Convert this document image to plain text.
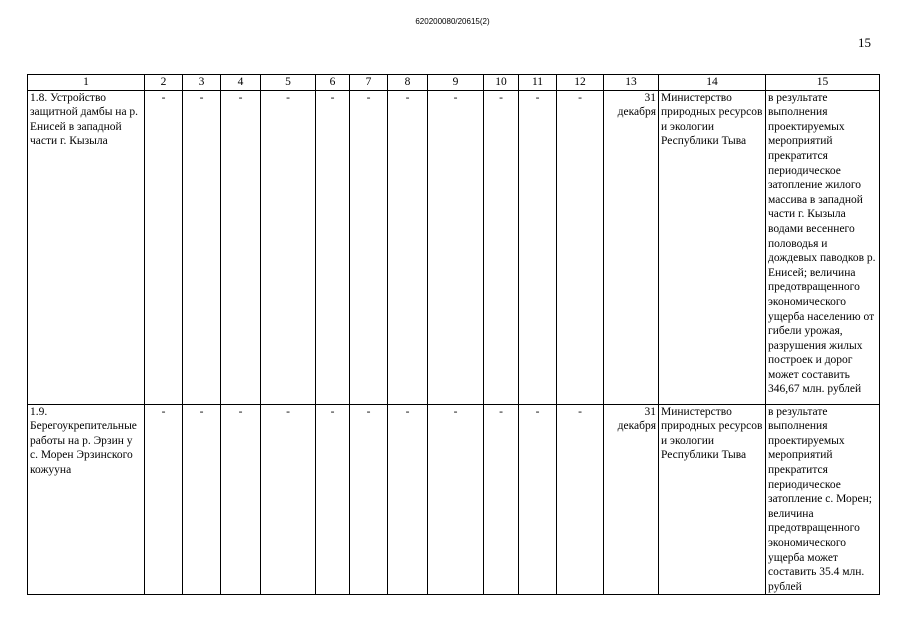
620200080/20615(2)
15
1	2	3	4	5	6	7	8	9	10	11	12	13	14	15
1.8. Устройство защитной дамбы на р. Енисей в западной части г. Кызыла	-	-	-	-	-	-	-	-	-	-	-	31 декабря	Министерство природных ресурсов и экологии Республики Тыва	в результате выполнения проектируемых мероприятий прекратится периодическое затопление жилого массива в западной части г. Кызыла водами весеннего половодья и дождевых паводков р. Енисей; величина предотвращенного экономического ущерба населению от гибели урожая, разрушения жилых построек и дорог может составить 346,67 млн. рублей
1.9. Берегоукрепительные работы на р. Эрзин у с. Морен Эрзинского кожууна	-	-	-	-	-	-	-	-	-	-	-	31 декабря	Министерство природных ресурсов и экологии Республики Тыва	в результате выполнения проектируемых мероприятий прекратится периодическое затопление с. Морен; величина предотвращенного экономического ущерба может составить 35.4 млн. рублей
